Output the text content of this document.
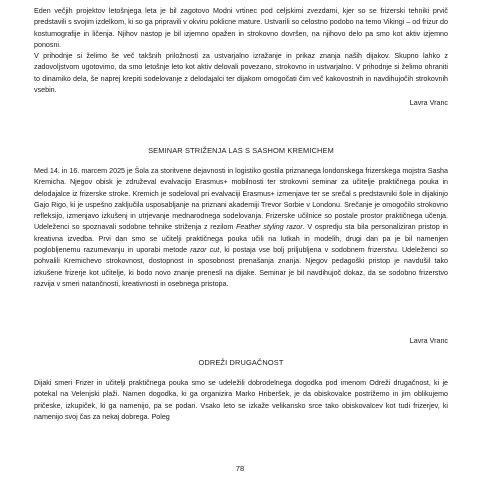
Eden večjih projektov letošnjega leta je bil zagotovo Modni vrtinec pod celjskimi zvezdami, kjer so se frizerski tehniki prvič predstavili s svojim izdelkom, ki so ga pripravili v okviru poklicne mature. Ustvarili so celostno podobo na temo Vikingi – od frizur do kostumografije in ličenja. Njihov nastop je bil izjemno opažen in strokovno dovršen, na njihovo delo pa smo kot aktiv izjemno ponosni.

V prihodnje si želimo še več takšnih priložnosti za ustvarjalno izražanje in prikaz znanja naših dijakov. Skupno lahko z zadovoljstvom ugotovimo, da smo letošnje leto kot aktiv delovali povezano, strokovno in ustvarjalno. V prihodnje si želimo ohraniti to dinamiko dela, še naprej krepiti sodelovanje z delodajalci ter dijakom omogočati čim več kakovostnih in navdihujočih strokovnih vsebin.

Lavra Vranc
SEMINAR STRIŽENJA LAS S SASHOM KREMICHEM

Med 14. in 16. marcem 2025 je Šola za storitvene dejavnosti in logistiko gostila priznanega londonskega frizerskega mojstra Sasha Kremicha. Njegov obisk je združeval evalvacijo Erasmus+ mobilnosti ter strokovni seminar za učitelje praktičnega pouka in delodajalce iz frizerske stroke. Kremich je sodeloval pri evalvaciji Erasmus+ izmenjave ter se srečal s predstavniki šole in dijakinjo Gajo Rigo, ki je uspešno zaključila usposabljanje na priznani akademiji Trevor Sorbie v Londonu. Srečanje je omogočilo strokovno refleksijo, izmenjavo izkušenj in utrjevanje mednarodnega sodelovanja. Frizerske učilnice so postale prostor praktičnega učenja. Udeleženci so spoznavali sodobne tehnike striženja z rezilom Feather styling razor. V ospredju sta bila personaliziran pristop in kreativna izvedba. Prvi dan smo se učitelji praktičnega pouka učili na lutkah in modelih, drugi dan pa je bil namenjen poglobljenemu razumevanju in uporabi metode razor cut, ki postaja vse bolj priljubljena v sodobnem frizerstvu. Udeleženci so pohvalili Kremichevo strokovnost, dostopnost in sposobnost prenašanja znanja. Njegov pedagoški pristop je navdušil tako izkušene frizerje kot učitelje, ki bodo novo znanje prenesli na dijake. Seminar je bil navdihujoč dokaz, da se sodobno frizerstvo razvija v smeri natančnosti, kreativnosti in osebnega pristopa.

Lavra Vranc
ODREŽI DRUGAČNOST

Dijaki smeri Frizer in učitelji praktičnega pouka smo se udeležili dobrodelnega dogodka pod imenom Odreži drugačnost, ki je potekal na Velenjski plaži. Namen dogodka, ki ga organizira Marko Hriberšek, je da obiskovalce postrižemo in jim oblikujemo pričeske, izkupiček, ki ga namenijo, pa se podari. Vsako leto se izkaže velikansko srce tako obiskovalcev kot tudi frizerjev, ki namenijo svoj čas za nekaj dobrega. Poleg

78
